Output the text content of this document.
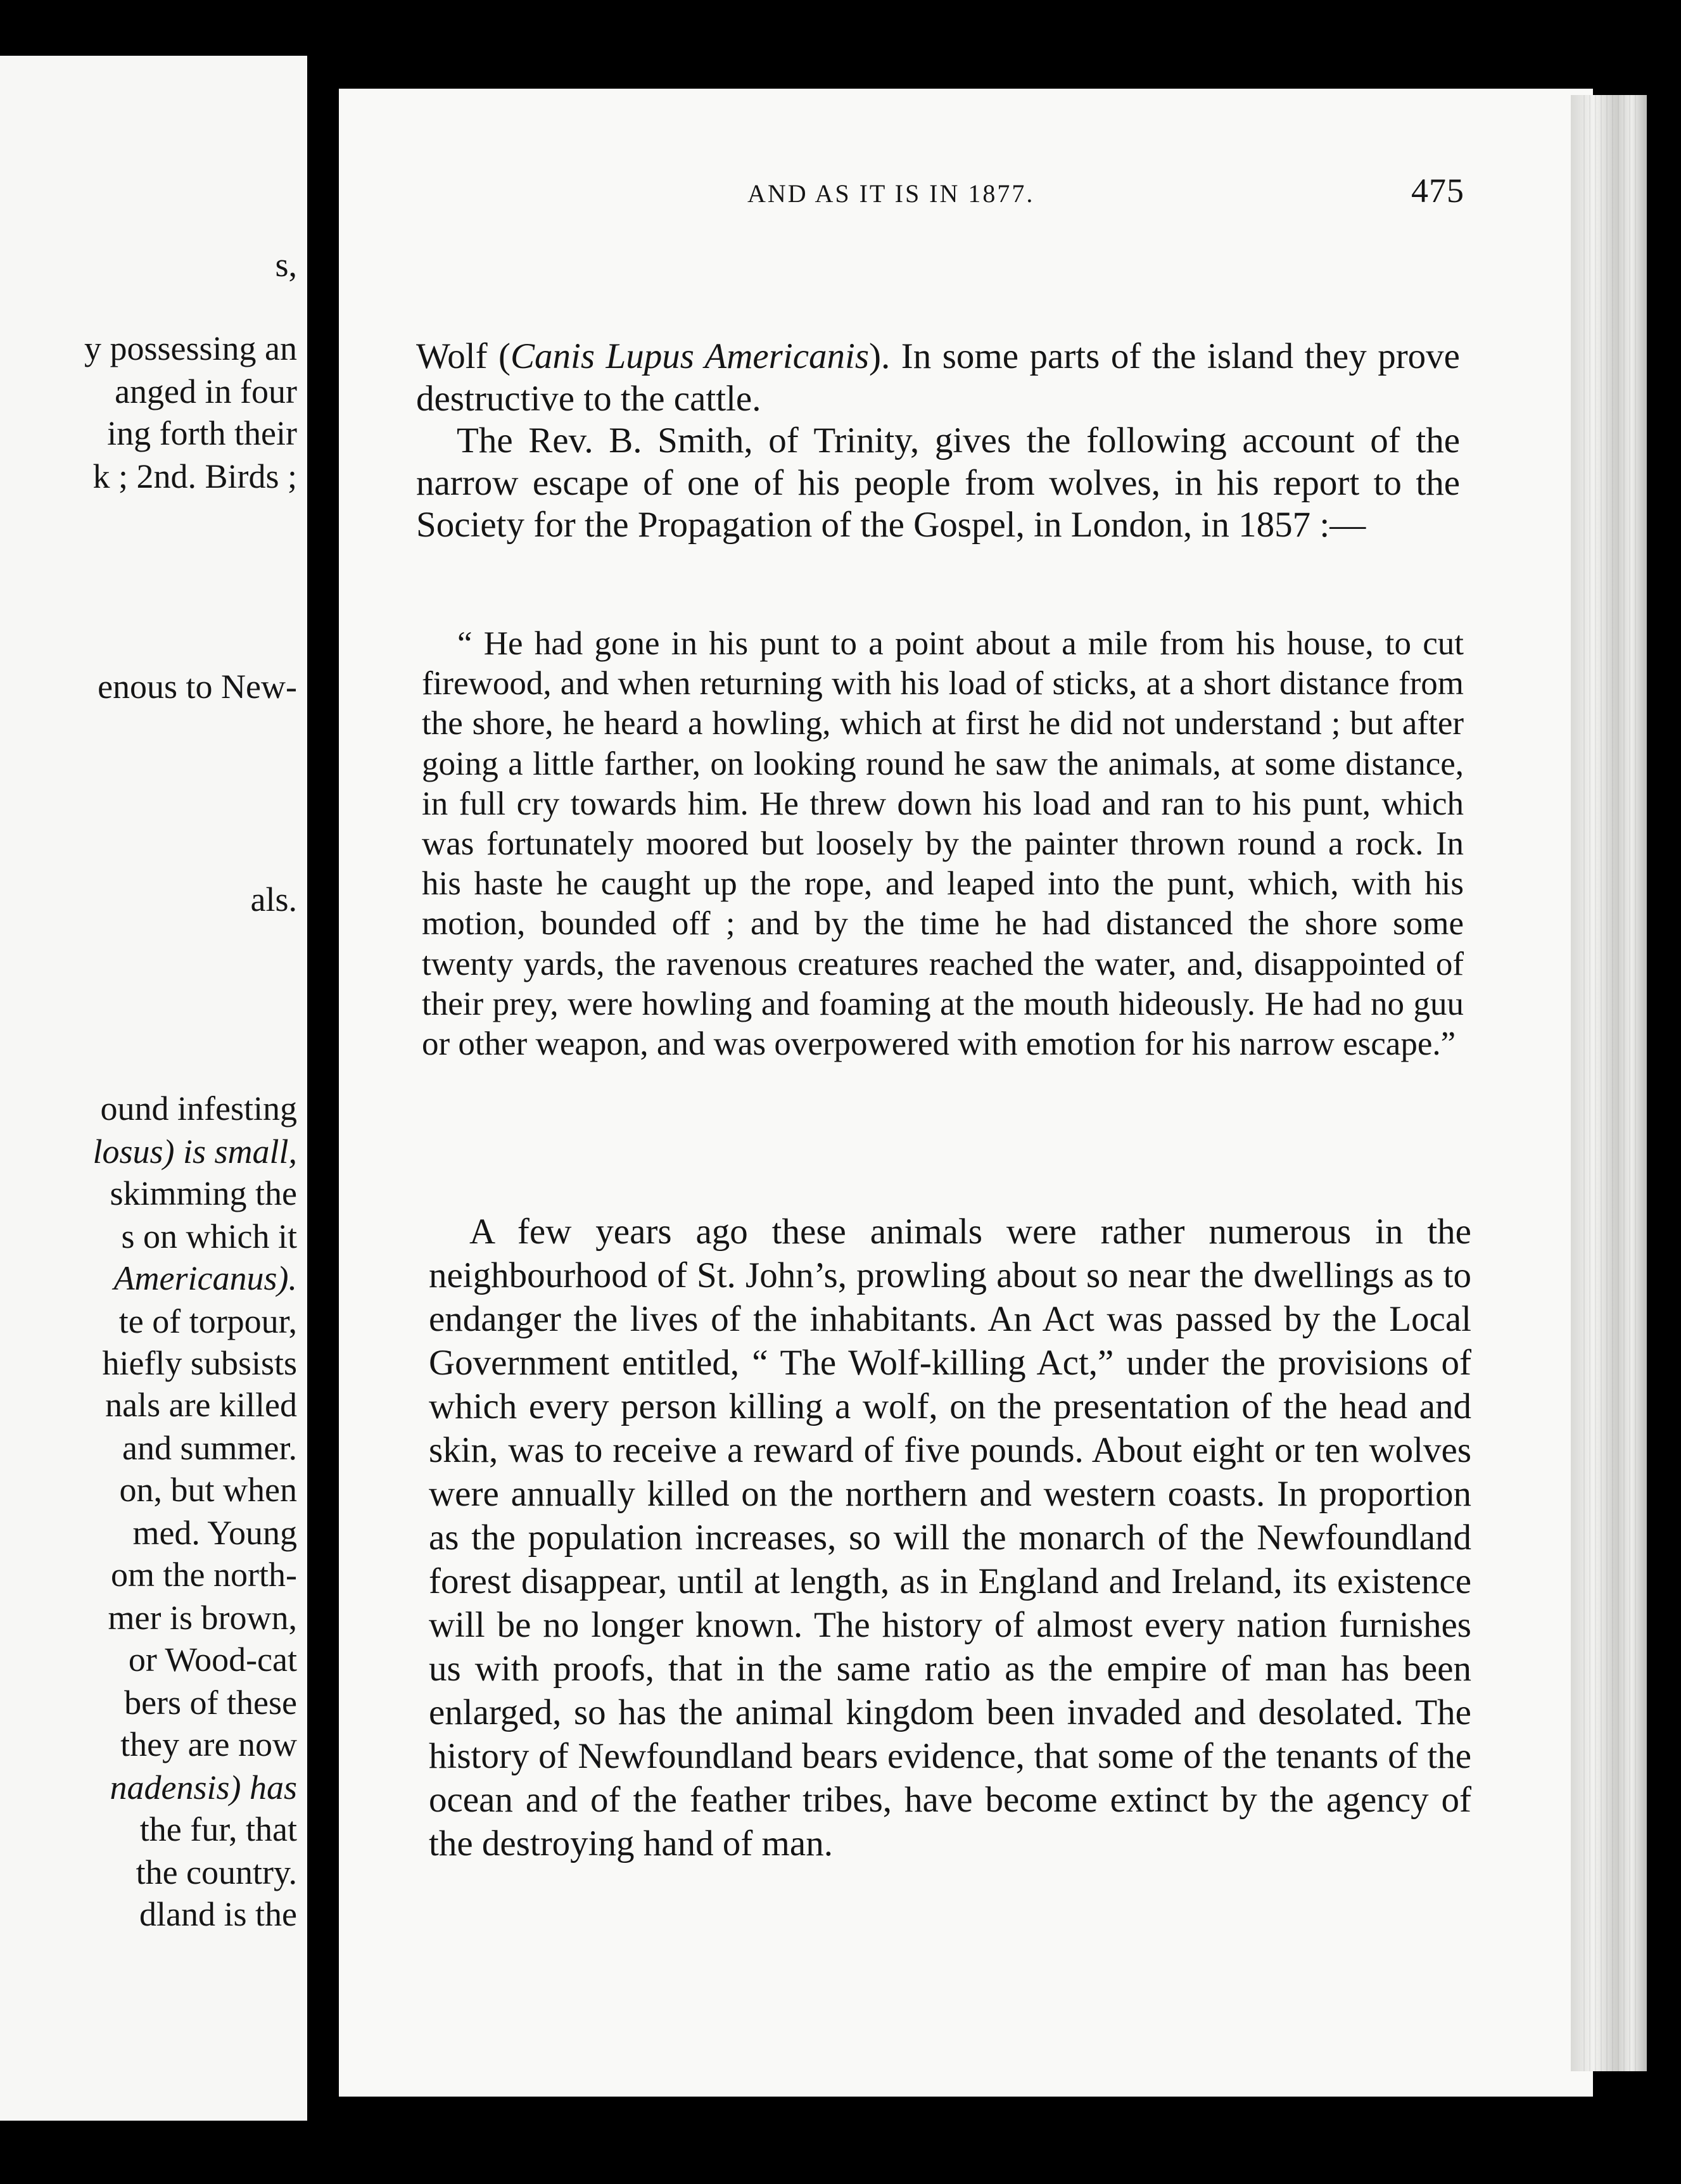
s,
y possessing an
anged in four
ing forth their
k ; 2nd. Birds ;
enous to New-
als.
ound infesting
losus) is small,
skimming the
s on which it
Americanus).
te of torpour,
hiefly subsists
nals are killed
and summer.
on, but when
med. Young
om the north-
mer is brown,
or Wood-cat
bers of these
they are now
nadensis) has
the fur, that
the country.
dland is the
AND AS IT IS IN 1877.	475

Wolf (Canis Lupus Americanis). In some parts of the island they prove destructive to the cattle.

The Rev. B. Smith, of Trinity, gives the following account of the narrow escape of one of his people from wolves, in his report to the Society for the Propagation of the Gospel, in London, in 1857 :—

“ He had gone in his punt to a point about a mile from his house, to cut firewood, and when returning with his load of sticks, at a short distance from the shore, he heard a howling, which at first he did not understand ; but after going a little farther, on looking round he saw the animals, at some distance, in full cry towards him. He threw down his load and ran to his punt, which was fortunately moored but loosely by the painter thrown round a rock. In his haste he caught up the rope, and leaped into the punt, which, with his motion, bounded off ; and by the time he had distanced the shore some twenty yards, the ravenous creatures reached the water, and, disappointed of their prey, were howling and foaming at the mouth hideously. He had no guu or other weapon, and was overpowered with emotion for his narrow escape.”

A few years ago these animals were rather numerous in the neighbourhood of St. John’s, prowling about so near the dwellings as to endanger the lives of the inhabitants. An Act was passed by the Local Government entitled, “ The Wolf-killing Act,” under the provisions of which every person killing a wolf, on the presentation of the head and skin, was to receive a reward of five pounds. About eight or ten wolves were annually killed on the northern and western coasts. In proportion as the population increases, so will the monarch of the Newfoundland forest disappear, until at length, as in England and Ireland, its existence will be no longer known. The history of almost every nation furnishes us with proofs, that in the same ratio as the empire of man has been enlarged, so has the animal kingdom been invaded and desolated. The history of Newfoundland bears evidence, that some of the tenants of the ocean and of the feather tribes, have become extinct by the agency of the destroying hand of man.
